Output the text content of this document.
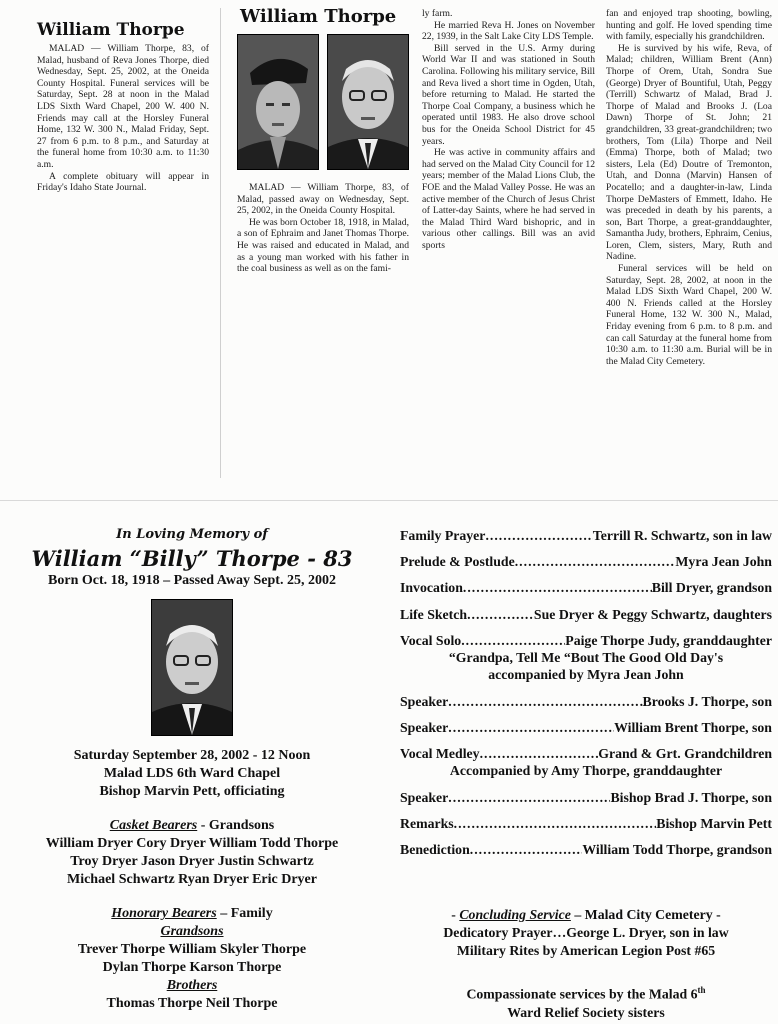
William Thorpe

MALAD — William Thorpe, 83, of Malad, husband of Reva Jones Thorpe, died Wednesday, Sept. 25, 2002, at the Oneida County Hospital. Funeral services will be Saturday, Sept. 28 at noon in the Malad LDS Sixth Ward Chapel, 200 W. 400 N. Friends may call at the Horsley Funeral Home, 132 W. 300 N., Malad Friday, Sept. 27 from 6 p.m. to 8 p.m., and Saturday at the funeral home from 10:30 a.m. to 11:30 a.m.

A complete obituary will appear in Friday's Idaho State Journal.

William Thorpe

MALAD — William Thorpe, 83, of Malad, passed away on Wednesday, Sept. 25, 2002, in the Oneida County Hospital.

He was born October 18, 1918, in Malad, a son of Ephraim and Janet Thomas Thorpe. He was raised and educated in Malad, and as a young man worked with his father in the coal business as well as on the fami-

ly farm.

He married Reva H. Jones on November 22, 1939, in the Salt Lake City LDS Temple.

Bill served in the U.S. Army during World War II and was stationed in South Carolina. Following his military service, Bill and Reva lived a short time in Ogden, Utah, before returning to Malad. He started the Thorpe Coal Company, a business which he operated until 1983. He also drove school bus for the Oneida School District for 45 years.

He was active in community affairs and had served on the Malad City Council for 12 years; member of the Malad Lions Club, the FOE and the Malad Valley Posse. He was an active member of the Church of Jesus Christ of Latter-day Saints, where he had served in the Malad Third Ward bishopric, and in various other callings. Bill was an avid sports

fan and enjoyed trap shooting, bowling, hunting and golf. He loved spending time with family, especially his grandchildren.

He is survived by his wife, Reva, of Malad; children, William Brent (Ann) Thorpe of Orem, Utah, Sondra Sue (George) Dryer of Bountiful, Utah, Peggy (Terrill) Schwartz of Malad, Brad J. Thorpe of Malad and Brooks J. (Loa Dawn) Thorpe of St. John; 21 grandchildren, 33 great-grandchildren; two brothers, Tom (Lila) Thorpe and Neil (Emma) Thorpe, both of Malad; two sisters, Lela (Ed) Doutre of Tremonton, Utah, and Donna (Marvin) Hansen of Pocatello; and a daughter-in-law, Linda Thorpe DeMasters of Emmett, Idaho. He was preceded in death by his parents, a son, Bart Thorpe, a great-granddaughter, Samantha Judy, brothers, Ephraim, Cenius, Loren, Clem, sisters, Mary, Ruth and Nadine.

Funeral services will be held on Saturday, Sept. 28, 2002, at noon in the Malad LDS Sixth Ward Chapel, 200 W. 400 N. Friends called at the Horsley Funeral Home, 132 W. 300 N., Malad, Friday evening from 6 p.m. to 8 p.m. and can call Saturday at the funeral home from 10:30 a.m. to 11:30 a.m. Burial will be in the Malad City Cemetery.

In Loving Memory of
William “Billy” Thorpe - 83
Born Oct. 18, 1918 – Passed Away Sept. 25, 2002
Saturday September 28, 2002 - 12 Noon
Malad LDS 6th Ward Chapel
Bishop Marvin Pett, officiating
Casket Bearers - Grandsons
William Dryer Cory Dryer William Todd Thorpe
Troy Dryer Jason Dryer Justin Schwartz
Michael Schwartz Ryan Dryer Eric Dryer
Honorary Bearers – Family
Grandsons
Trever Thorpe William Skyler Thorpe
Dylan Thorpe Karson Thorpe
Brothers
Thomas Thorpe Neil Thorpe
Family Prayer .....	Terrill R. Schwartz, son in law
Prelude & Postlude .....	Myra Jean John
Invocation .....	Bill Dryer, grandson
Life Sketch .....	Sue Dryer & Peggy Schwartz, daughters
Vocal Solo .....	Paige Thorpe Judy, granddaughter
“Grandpa, Tell Me “Bout The Good Old Day's
accompanied by Myra Jean John
Speaker .....	Brooks J. Thorpe, son
Speaker .....	William Brent Thorpe, son
Vocal Medley .....	Grand & Grt. Grandchildren
Accompanied by Amy Thorpe, granddaughter
Speaker .....	Bishop Brad J. Thorpe, son
Remarks .....	Bishop Marvin Pett
Benediction .....	William Todd Thorpe, grandson
- Concluding Service – Malad City Cemetery -
Dedicatory Prayer…George L. Dryer, son in law
Military Rites by American Legion Post #65
Compassionate services by the Malad 6th
Ward Relief Society sisters
